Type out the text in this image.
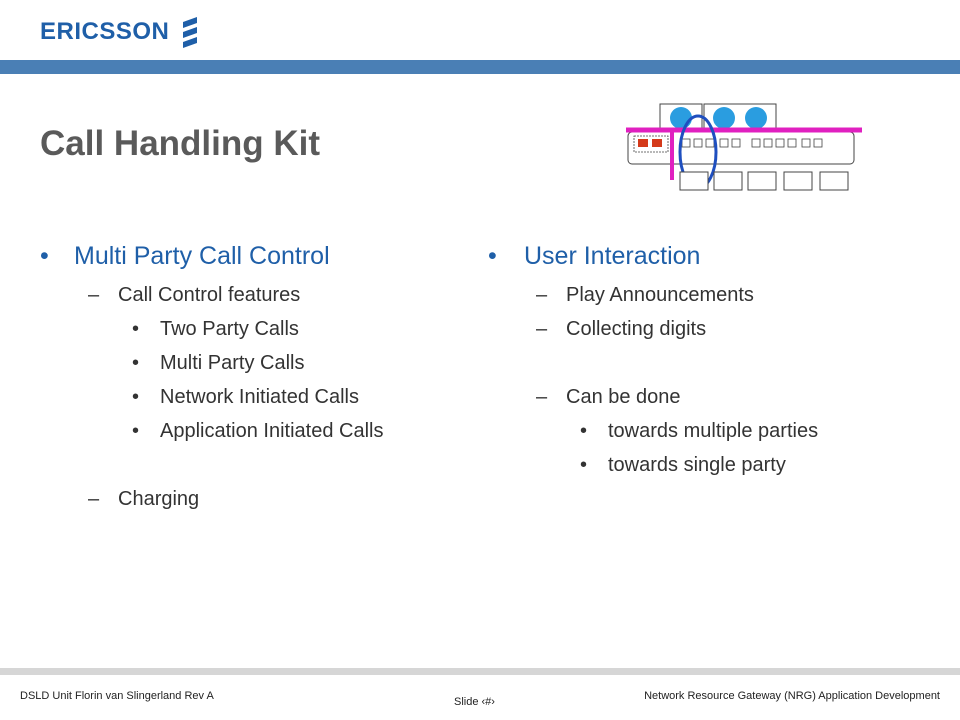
ERICSSON
Call Handling Kit
• Multi Party Call Control
– Call Control features
• Two Party Calls
• Multi Party Calls
• Network Initiated Calls
• Application Initiated Calls
– Charging
• User Interaction
– Play Announcements
– Collecting digits
– Can be done
• towards multiple parties
• towards single party
DSLD Unit Florin van Slingerland Rev A	Slide ‹#›	Network Resource Gateway (NRG) Application Development
